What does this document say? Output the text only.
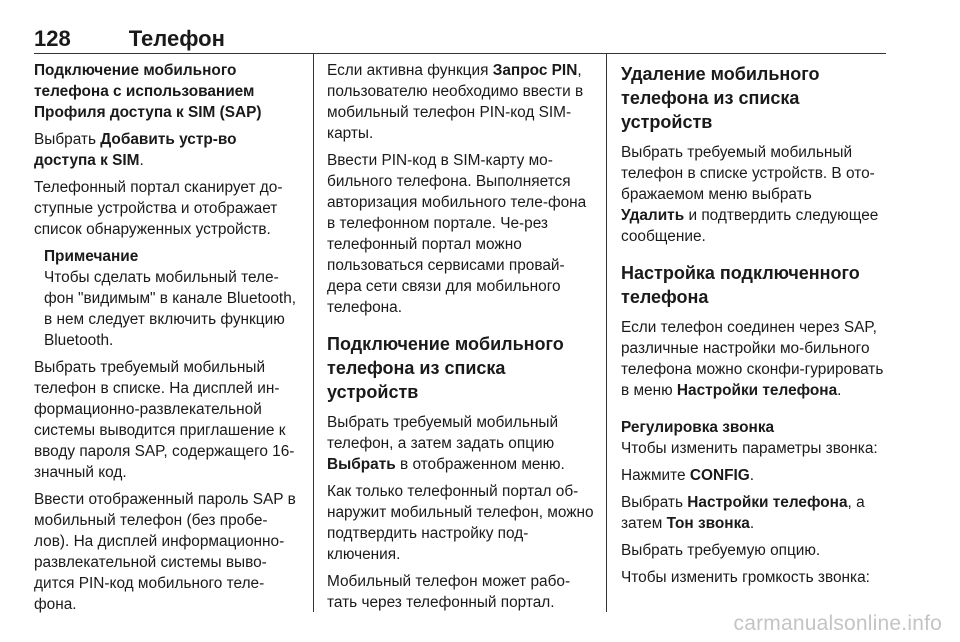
128	Телефон
Подключение мобильного телефона с использованием Профиля доступа к SIM (SAP)

Выбрать Добавить устр-во доступа к SIM.

Телефонный портал сканирует до-ступные устройства и отображает список обнаруженных устройств.

Примечание

Чтобы сделать мобильный теле-фон "видимым" в канале Bluetooth, в нем следует включить функцию Bluetooth.

Выбрать требуемый мобильный телефон в списке. На дисплей ин-формационно-развлекательной системы выводится приглашение к вводу пароля SAP, содержащего 16-значный код.

Ввести отображенный пароль SAP в мобильный телефон (без пробе-лов). На дисплей информационно-развлекательной системы выво-дится PIN-код мобильного теле-фона.

Если активна функция Запрос PIN, пользователю необходимо ввести в мобильный телефон PIN-код SIM-карты.

Ввести PIN-код в SIM-карту мо-бильного телефона. Выполняется авторизация мобильного теле-фона в телефонном портале. Че-рез телефонный портал можно пользоваться сервисами провай-дера сети связи для мобильного телефона.

Подключение мобильного телефона из списка устройств

Выбрать требуемый мобильный телефон, а затем задать опцию Выбрать в отображенном меню.

Как только телефонный портал об-наружит мобильный телефон, можно подтвердить настройку под-ключения.

Мобильный телефон может рабо-тать через телефонный портал.

Удаление мобильного телефона из списка устройств

Выбрать требуемый мобильный телефон в списке устройств. В ото-бражаемом меню выбрать

Удалить и подтвердить следующее сообщение.

Настройка подключенного телефона

Если телефон соединен через SAP, различные настройки мо-бильного телефона можно сконфи-гурировать в меню Настройки телефона.

Регулировка звонка

Чтобы изменить параметры звонка:

Нажмите CONFIG.

Выбрать Настройки телефона, а затем Тон звонка.

Выбрать требуемую опцию.

Чтобы изменить громкость звонка:

carmanualsonline.info
